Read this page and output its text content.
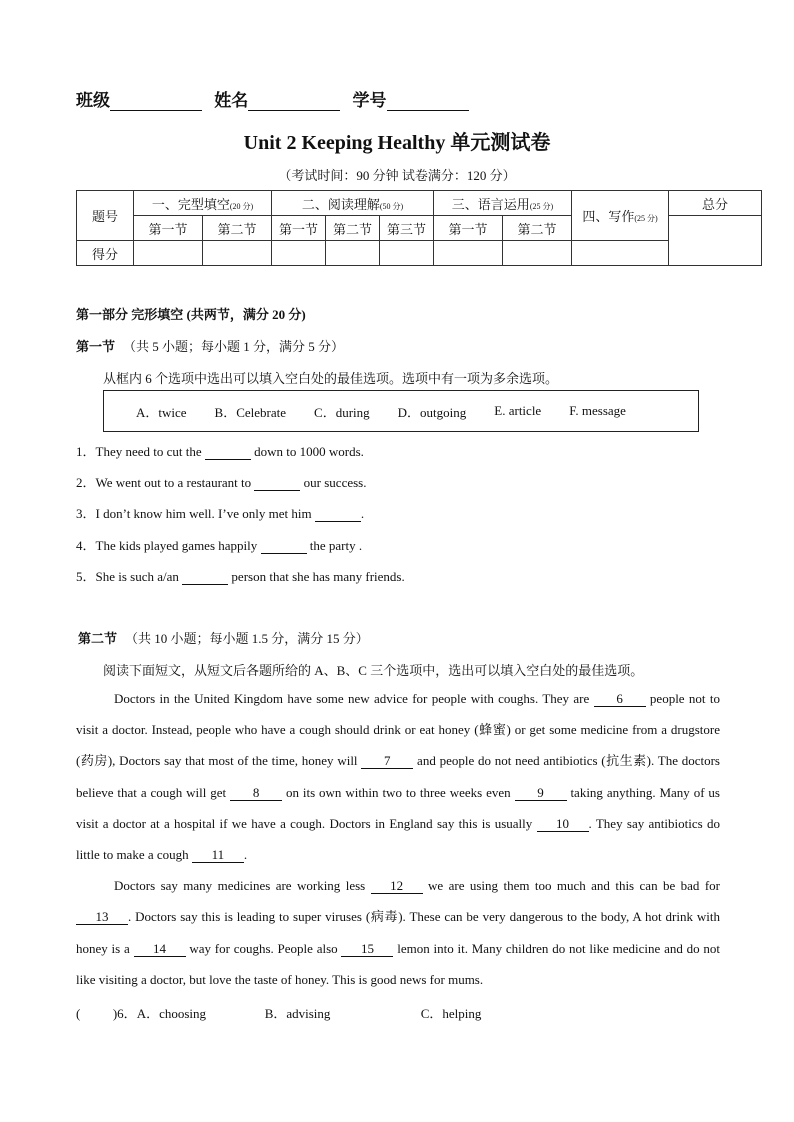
班级	姓名	学号
Unit 2 Keeping Healthy 单元测试卷
（考试时间：90 分钟 试卷满分：120 分）
题号	一、完型填空(20 分)		二、阅读理解(50 分)			三、语言运用(25 分)		四、写作(25 分)	总分
	第一节	第二节	第一节	第二节	第三节	第一节	第二节		
得分									
第一部分 完形填空 (共两节，满分 20 分)
第一节 （共 5 小题；每小题 1 分，满分 5 分）
从框内 6 个选项中选出可以填入空白处的最佳选项。选项中有一项为多余选项。
A．twice B．Celebrate C．during D．outgoing E. article F. message
1．They need to cut the	down to 1000 words.
2．We went out to a restaurant to	our success.
3．I don’t know him well. I’ve only met him	.
4．The kids played games happily	the party .
5．She is such a/an	person that she has many friends.
第二节 （共 10 小题；每小题 1.5 分，满分 15 分）
阅读下面短文，从短文后各题所给的 A、B、C 三个选项中，选出可以填入空白处的最佳选项。

Doctors in the United Kingdom have some new advice for people with coughs. They are 6 people not to visit a doctor. Instead, people who have a cough should drink or eat honey (蜂蜜) or get some medicine from a drugstore (药房), Doctors say that most of the time, honey will 7 and people do not need antibiotics (抗生素). The doctors believe that a cough will get 8 on its own within two to three weeks even 9 taking anything. Many of us visit a doctor at a hospital if we have a cough. Doctors in England say this is usually 10 . They say antibiotics do little to make a cough 11 .

Doctors say many medicines are working less 12 we are using them too much and this can be bad for 13 . Doctors say this is leading to super viruses (病毒). These can be very dangerous to the body, A hot drink with honey is a 14 way for coughs. People also 15 lemon into it. Many children do not like medicine and do not like visiting a doctor, but love the taste of honey. This is good news for mums.

(          )6．A．choosing	B．advising	C．helping
